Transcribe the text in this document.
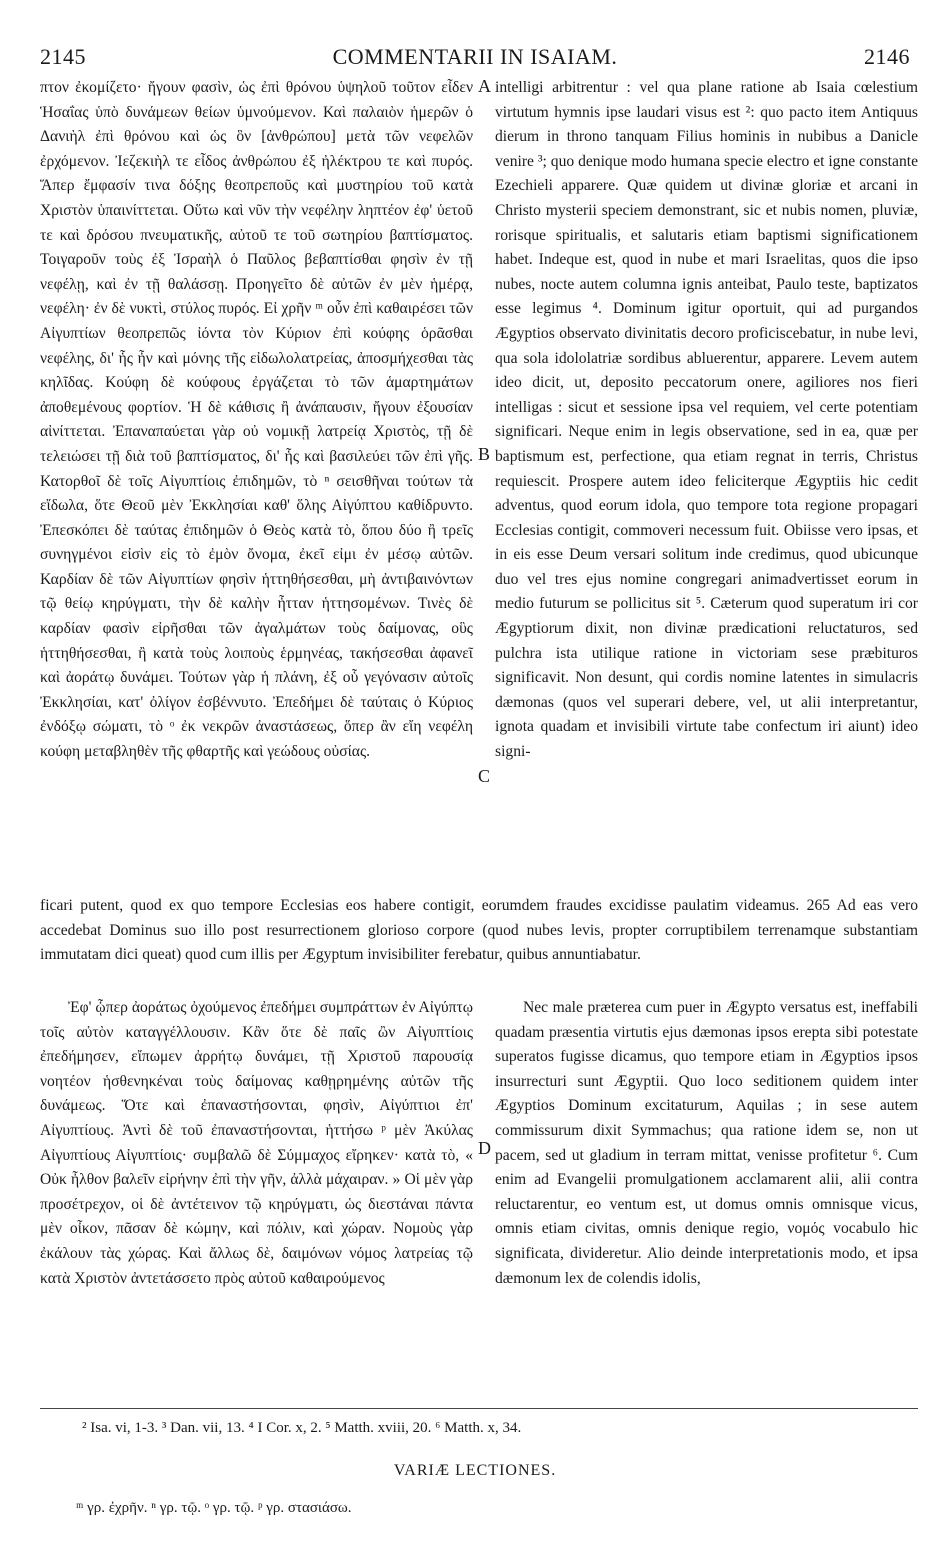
2145	COMMENTARII IN ISAIAM.	2146

πτον ἐκομίζετο· ἤγουν φασὶν, ὡς ἐπὶ θρόνου ὑψηλοῦ τοῦτον εἶδεν Ἡσαΐας ὑπὸ δυνάμεων θείων ὑμνούμενον. Καὶ παλαιὸν ἡμερῶν ὁ Δανιὴλ ἐπὶ θρόνου καὶ ὡς ὃν [ἀνθρώπου] μετὰ τῶν νεφελῶν ἐρχόμενον. Ἰεζεκιὴλ τε εἶδος ἀνθρώπου ἐξ ἠλέκτρου τε καὶ πυρός. Ἅπερ ἔμφασίν τινα δόξης θεοπρεποῦς καὶ μυστηρίου τοῦ κατὰ Χριστὸν ὑπαινίττεται. Οὕτω καὶ νῦν τὴν νεφέλην ληπτέον ἐφ' ὑετοῦ τε καὶ δρόσου πνευματικῆς, αὐτοῦ τε τοῦ σωτηρίου βαπτίσματος. Τοιγαροῦν τοὺς ἐξ Ἰσραὴλ ὁ Παῦλος βεβαπτίσθαι φησὶν ἐν τῇ νεφέλῃ, καὶ ἐν τῇ θαλάσσῃ. Προηγεῖτο δὲ αὐτῶν ἐν μὲν ἡμέρᾳ, νεφέλη· ἐν δὲ νυκτὶ, στύλος πυρός. Εἰ χρῆν ᵐ οὖν ἐπὶ καθαιρέσει τῶν Αἰγυπτίων θεοπρεπῶς ἰόντα τὸν Κύριον ἐπὶ κούφης ὁρᾶσθαι νεφέλης, δι' ἧς ἦν καὶ μόνης τῆς εἰδωλολατρείας, ἀποσμήχεσθαι τὰς κηλῖδας. Κούφη δὲ κούφους ἐργάζεται τὸ τῶν ἁμαρτημάτων ἀποθεμένους φορτίον. Ἡ δὲ κάθισις ἢ ἀνάπαυσιν, ἤγουν ἐξουσίαν αἰνίττεται. Ἐπαναπαύεται γὰρ οὐ νομικῇ λατρείᾳ Χριστὸς, τῇ δὲ τελειώσει τῇ διὰ τοῦ βαπτίσματος, δι' ἧς καὶ βασιλεύει τῶν ἐπὶ γῆς. Κατορθοῖ δὲ τοῖς Αἰγυπτίοις ἐπιδημῶν, τὸ ⁿ σεισθῆναι τούτων τὰ εἴδωλα, ὅτε Θεοῦ μὲν Ἐκκλησίαι καθ' ὅλης Αἰγύπτου καθίδρυντο. Ἐπεσκόπει δὲ ταύτας ἐπιδημῶν ὁ Θεὸς κατὰ τὸ, ὅπου δύο ἢ τρεῖς συνηγμένοι εἰσὶν εἰς τὸ ἐμὸν ὄνομα, ἐκεῖ εἰμι ἐν μέσῳ αὐτῶν. Καρδίαν δὲ τῶν Αἰγυπτίων φησὶν ἡττηθήσεσθαι, μὴ ἀντιβαινόντων τῷ θείῳ κηρύγματι, τὴν δὲ καλὴν ἦτταν ἡττησομένων. Τινὲς δὲ καρδίαν φασὶν εἰρῆσθαι τῶν ἀγαλμάτων τοὺς δαίμονας, οὓς ἡττηθήσεσθαι, ἢ κατὰ τοὺς λοιποὺς ἑρμηνέας, τακήσεσθαι ἀφανεῖ καὶ ἀοράτῳ δυνάμει. Τούτων γὰρ ἡ πλάνη, ἐξ οὗ γεγόνασιν αὐτοῖς Ἐκκλησίαι, κατ' ὀλίγον ἐσβέννυτο. Ἐπεδήμει δὲ ταύταις ὁ Κύριος ἐνδόξῳ σώματι, τὸ ᵒ ἐκ νεκρῶν ἀναστάσεως, ὅπερ ἂν εἴη νεφέλη κούφη μεταβληθὲν τῆς φθαρτῆς καὶ γεώδους οὐσίας.

intelligi arbitrentur : vel qua plane ratione ab Isaia cœlestium virtutum hymnis ipse laudari visus est ²: quo pacto item Antiquus dierum in throno tanquam Filius hominis in nubibus a Danicle venire ³; quo denique modo humana specie electro et igne constante Ezechieli apparere. Quæ quidem ut divinæ gloriæ et arcani in Christo mysterii speciem demonstrant, sic et nubis nomen, pluviæ, rorisque spiritualis, et salutaris etiam baptismi significationem habet. Indeque est, quod in nube et mari Israelitas, quos die ipso nubes, nocte autem columna ignis anteibat, Paulo teste, baptizatos esse legimus ⁴. Dominum igitur oportuit, qui ad purgandos Ægyptios observato divinitatis decoro proficiscebatur, in nube levi, qua sola idololatriæ sordibus abluerentur, apparere. Levem autem ideo dicit, ut, deposito peccatorum onere, agiliores nos fieri intelligas : sicut et sessione ipsa vel requiem, vel certe potentiam significari. Neque enim in legis observatione, sed in ea, quæ per baptismum est, perfectione, qua etiam regnat in terris, Christus requiescit. Prospere autem ideo feliciterque Ægyptiis hic cedit adventus, quod eorum idola, quo tempore tota regione propagari Ecclesias contigit, commoveri necessum fuit. Obiisse vero ipsas, et in eis esse Deum versari solitum inde credimus, quod ubicunque duo vel tres ejus nomine congregari animadvertisset eorum in medio futurum se pollicitus sit ⁵. Cæterum quod superatum iri cor Ægyptiorum dixit, non divinæ prædicationi reluctaturos, sed pulchra ista utilique ratione in victoriam sese præbituros significavit. Non desunt, qui cordis nomine latentes in simulacris dæmonas (quos vel superari debere, vel, ut alii interpretantur, ignota quadam et invisibili virtute tabe confectum iri aiunt) ideo signi-

A
B
C
D

ficari putent, quod ex quo tempore Ecclesias eos habere contigit, eorumdem fraudes excidisse paulatim videamus. 265 Ad eas vero accedebat Dominus suo illo post resurrectionem glorioso corpore (quod nubes levis, propter corruptibilem terrenamque substantiam immutatam dici queat) quod cum illis per Ægyptum invisibiliter ferebatur, quibus annuntiabatur.

Ἐφ' ᾧπερ ἀοράτως ὀχούμενος ἐπεδήμει συμπράττων ἐν Αἰγύπτῳ τοῖς αὐτὸν καταγγέλλουσιν. Κἂν ὅτε δὲ παῖς ὢν Αἰγυπτίοις ἐπεδήμησεν, εἴπωμεν ἀρρήτῳ δυνάμει, τῇ Χριστοῦ παρουσίᾳ νοητέον ἡσθενηκέναι τοὺς δαίμονας καθῃρημένης αὐτῶν τῆς δυνάμεως. Ὅτε καὶ ἐπαναστήσονται, φησὶν, Αἰγύπτιοι ἐπ' Αἰγυπτίους. Ἀντὶ δὲ τοῦ ἐπαναστήσονται, ἡττήσω ᵖ μὲν Ἀκύλας Αἰγυπτίους Αἰγυπτίοις· συμβαλῶ δὲ Σύμμαχος εἴρηκεν· κατὰ τὸ, « Οὐκ ἦλθον βαλεῖν εἰρήνην ἐπὶ τὴν γῆν, ἀλλὰ μάχαιραν. » Οἱ μὲν γὰρ προσέτρεχον, οἱ δὲ ἀντέτεινον τῷ κηρύγματι, ὡς διεστάναι πάντα μὲν οἶκον, πᾶσαν δὲ κώμην, καὶ πόλιν, καὶ χώραν. Νομοὺς γὰρ ἐκάλουν τὰς χώρας. Καὶ ἄλλως δὲ, δαιμόνων νόμος λατρείας τῷ κατὰ Χριστὸν ἀντετάσσετο πρὸς αὐτοῦ καθαιρούμενος

Nec male præterea cum puer in Ægypto versatus est, ineffabili quadam præsentia virtutis ejus dæmonas ipsos erepta sibi potestate superatos fugisse dicamus, quo tempore etiam in Ægyptios ipsos insurrecturi sunt Ægyptii. Quo loco seditionem quidem inter Ægyptios Dominum excitaturum, Aquilas ; in sese autem commissurum dixit Symmachus; qua ratione idem se, non ut pacem, sed ut gladium in terram mittat, venisse profitetur ⁶. Cum enim ad Evangelii promulgationem acclamarent alii, alii contra reluctarentur, eo ventum est, ut domus omnis omnisque vicus, omnis etiam civitas, omnis denique regio, νομός vocabulo hic significata, divideretur. Alio deinde interpretationis modo, et ipsa dæmonum lex de colendis idolis,

² Isa. vi, 1-3. ³ Dan. vii, 13. ⁴ I Cor. x, 2. ⁵ Matth. xviii, 20. ⁶ Matth. x, 34.
VARIÆ LECTIONES.
ᵐ γρ. ἐχρῆν. ⁿ γρ. τῷ. ᵒ γρ. τῷ. ᵖ γρ. στασιάσω.
